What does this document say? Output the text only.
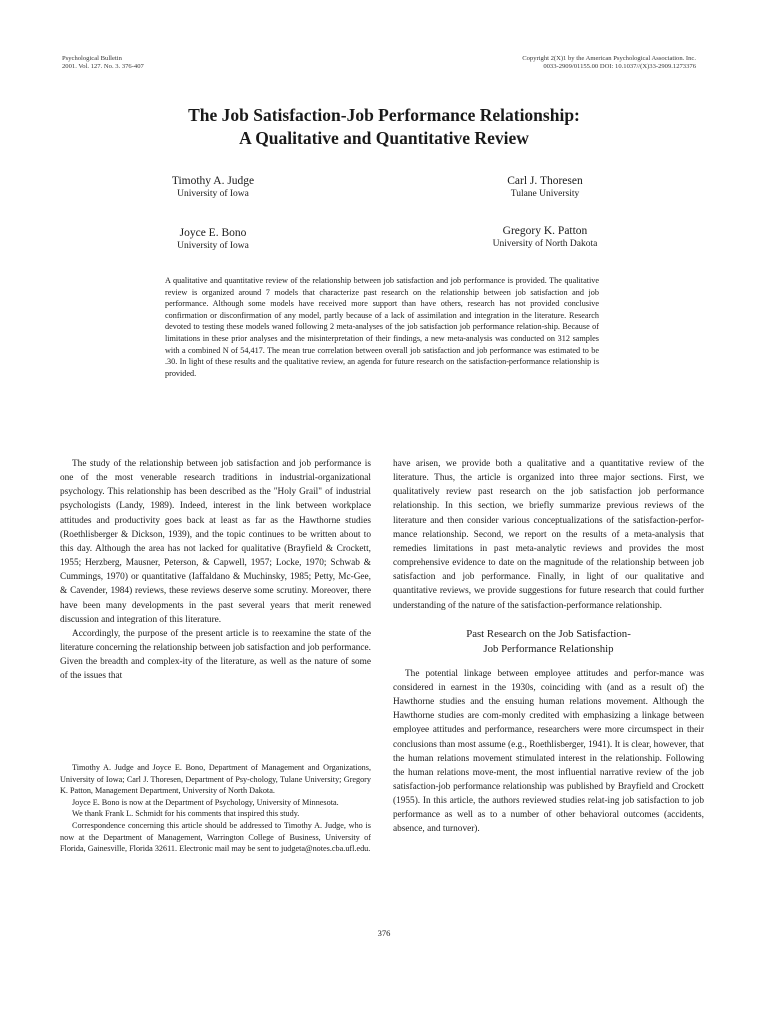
Psychological Bulletin
2001. Vol. 127. No. 3. 376-407
Copyright 2(X)1 by the American Psychological Association. Inc.
0033-2909/01155.00 DOI: 10.1037//(X)33-2909.1273376
The Job Satisfaction-Job Performance Relationship:
A Qualitative and Quantitative Review
Timothy A. Judge
University of Iowa
Carl J. Thoresen
Tulane University
Joyce E. Bono
University of Iowa
Gregory K. Patton
University of North Dakota

A qualitative and quantitative review of the relationship between job satisfaction and job performance is provided. The qualitative review is organized around 7 models that characterize past research on the relationship between job satisfaction and job performance. Although some models have received more support than have others, research has not provided conclusive confirmation or disconfirmation of any model, partly because of a lack of assimilation and integration in the literature. Research devoted to testing these models waned following 2 meta-analyses of the job satisfaction job performance relation-ship. Because of limitations in these prior analyses and the misinterpretation of their findings, a new meta-analysis was conducted on 312 samples with a combined N of 54,417. The mean true correlation between overall job satisfaction and job performance was estimated to be .30. In light of these results and the qualitative review, an agenda for future research on the satisfaction-performance relationship is provided.

The study of the relationship between job satisfaction and job performance is one of the most venerable research traditions in industrial-organizational psychology. This relationship has been described as the "Holy Grail" of industrial psychologists (Landy, 1989). Indeed, interest in the link between workplace attitudes and productivity goes back at least as far as the Hawthorne studies (Roethlisberger & Dickson, 1939), and the topic continues to be written about to this day. Although the area has not lacked for qualitative (Brayfield & Crockett, 1955; Herzberg, Mausner, Peterson, & Capwell, 1957; Locke, 1970; Schwab & Cummings, 1970) or quantitative (Iaffaldano & Muchinsky, 1985; Petty, Mc-Gee, & Cavender, 1984) reviews, these reviews deserve some scrutiny. Moreover, there have been many developments in the past several years that merit renewed discussion and integration of this literature.

Accordingly, the purpose of the present article is to reexamine the state of the literature concerning the relationship between job satisfaction and job performance. Given the breadth and complex-ity of the literature, as well as the nature of some of the issues that

have arisen, we provide both a qualitative and a quantitative review of the literature. Thus, the article is organized into three major sections. First, we qualitatively review past research on the job satisfaction job performance relationship. In this section, we briefly summarize previous reviews of the literature and then consider various conceptualizations of the satisfaction-perfor-mance relationship. Second, we report on the results of a meta-analysis that remedies limitations in past meta-analytic reviews and provides the most comprehensive evidence to date on the magnitude of the relationship between job satisfaction and job performance. Finally, in light of our qualitative and quantitative reviews, we provide suggestions for future research that could further understanding of the nature of the satisfaction-performance relationship.

Past Research on the Job Satisfaction-
Job Performance Relationship

The potential linkage between employee attitudes and perfor-mance was considered in earnest in the 1930s, coinciding with (and as a result of) the Hawthorne studies and the ensuing human relations movement. Although the Hawthorne studies are com-monly credited with emphasizing a linkage between employee attitudes and performance, researchers were more circumspect in their conclusions than most assume (e.g., Roethlisberger, 1941). It is clear, however, that the human relations movement stimulated interest in the relationship. Following the human relations move-ment, the most influential narrative review of the job satisfaction-job performance relationship was published by Brayfield and Crockett (1955). In this article, the authors reviewed studies relat-ing job satisfaction to job performance as well as to a number of other behavioral outcomes (accidents, absence, and turnover).

Timothy A. Judge and Joyce E. Bono, Department of Management and Organizations, University of Iowa; Carl J. Thoresen, Department of Psy-chology, Tulane University; Gregory K. Patton, Management Department, University of North Dakota.

Joyce E. Bono is now at the Department of Psychology, University of Minnesota.

We thank Frank L. Schmidt for his comments that inspired this study.

Correspondence concerning this article should be addressed to Timothy A. Judge, who is now at the Department of Management, Warrington College of Business, University of Florida, Gainesville, Florida 32611. Electronic mail may be sent to judgeta@notes.cba.ufl.edu.

376
